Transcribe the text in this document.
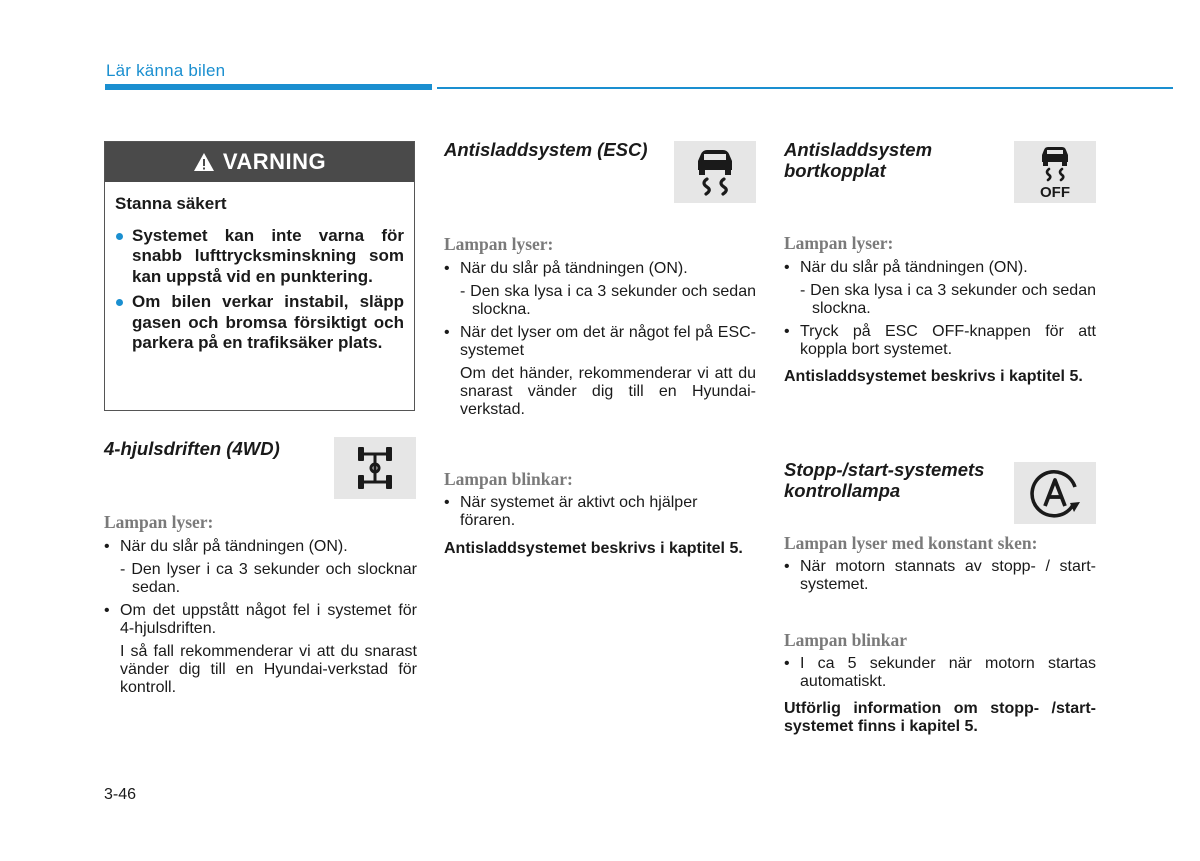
Lär känna bilen
VARNING
Stanna säkert
Systemet kan inte varna för snabb lufttrycksminskning som kan uppstå vid en punktering.
Om bilen verkar instabil, släpp gasen och bromsa försiktigt och parkera på en trafiksäker plats.
4-hjulsdriften (4WD)
Lampan lyser:
• När du slår på tändningen (ON).
- Den lyser i ca 3 sekunder och slocknar sedan.
• Om det uppstått något fel i systemet för 4-hjulsdriften.
I så fall rekommenderar vi att du snarast vänder dig till en Hyundai-verkstad för kontroll.
Antisladdsystem (ESC)
Lampan lyser:
• När du slår på tändningen (ON).
- Den ska lysa i ca 3 sekunder och sedan slockna.
• När det lyser om det är något fel på ESC-systemet
Om det händer, rekommenderar vi att du snarast vänder dig till en Hyundai-verkstad.
Lampan blinkar:
• När systemet är aktivt och hjälper föraren.
Antisladdsystemet beskrivs i kaptitel 5.
Antisladdsystem
bortkopplat
OFF
Lampan lyser:
• När du slår på tändningen (ON).
- Den ska lysa i ca 3 sekunder och sedan slockna.
• Tryck på ESC OFF-knappen för att koppla bort systemet.
Antisladdsystemet beskrivs i kaptitel 5.
Stopp-/start-systemets
kontrollampa
Lampan lyser med konstant sken:
• När motorn stannats av stopp- / start-systemet.
Lampan blinkar
• I ca 5 sekunder när motorn startas automatiskt.
Utförlig information om stopp- /start-systemet finns i kapitel 5.
3-46
